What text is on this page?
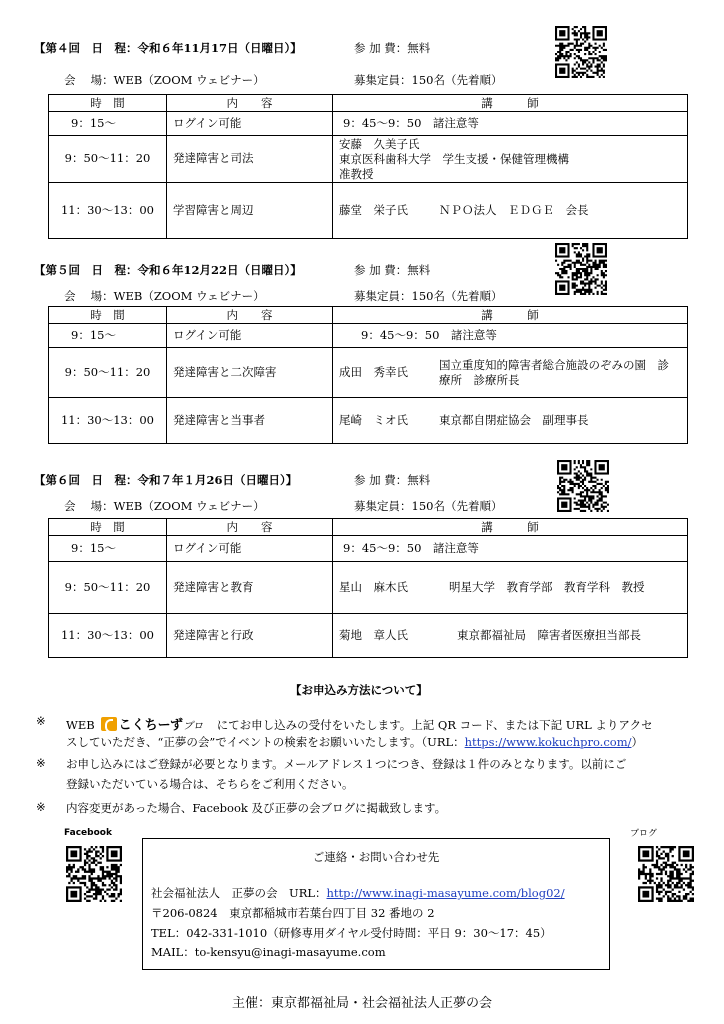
【第４回　日　程：令和６年11月17日（日曜日）】	参 加 費：無料
会　 場：WEB（ZOOM ウェビナー）	募集定員：150名（先着順）
時　間	内　　容	講　　　師
9：15～	ログイン可能	9：45～9：50　諸注意等
9：50～11：20	発達障害と司法	安藤　久美子氏東京医科歯科大学　学生支援・保健管理機構　准教授
11：30～13：00	学習障害と周辺	藤堂　栄子氏 ＮＰＯ法人　ＥＤＧＥ　会長
【第５回　日　程：令和６年12月22日（日曜日）】	参 加 費：無料
会　 場：WEB（ZOOM ウェビナー）	募集定員：150名（先着順）
時　間	内　　容	講　　　師
9：15～	ログイン可能	9：45～9：50　諸注意等
9：50～11：20	発達障害と二次障害	成田　秀幸氏国立重度知的障害者総合施設のぞみの園　診療所　診療所長
11：30～13：00	発達障害と当事者	尾崎　ミオ氏 東京都自閉症協会　副理事長
【第６回　日　程：令和７年１月26日（日曜日）】	参 加 費：無料
会　 場：WEB（ZOOM ウェビナー）	募集定員：150名（先着順）
時　間	内　　容	講　　　師
9：15～	ログイン可能	9：45～9：50　諸注意等
9：50～11：20	発達障害と教育	星山　麻木氏 明星大学　教育学部　教育学科　教授
11：30～13：00	発達障害と行政	菊地　章人氏 東京都福祉局　障害者医療担当部長
【お申込み方法について】
※ WEB こくちーずプロ にてお申し込みの受付をいたします。上記 QR コード、または下記 URL よりアクセ
スしていただき、“正夢の会”でイベントの検索をお願いいたします。（URL：https://www.kokuchpro.com/）
※ お申し込みにはご登録が必要となります。メールアドレス１つにつき、登録は１件のみとなります。以前にご
登録いただいている場合は、そちらをご利用ください。
※ 内容変更があった場合、Facebook 及び正夢の会ブログに掲載致します。
Facebook	ブログ
ご連絡・お問い合わせ先
社会福祉法人　正夢の会　URL：http://www.inagi-masayume.com/blog02/
〒206‐0824　東京都稲城市若葉台四丁目 32 番地の 2
TEL：042‐331‐1010（研修専用ダイヤル受付時間：平日 9：30～17：45）
MAIL：to-kensyu@inagi-masayume.com
主催：東京都福祉局・社会福祉法人正夢の会
